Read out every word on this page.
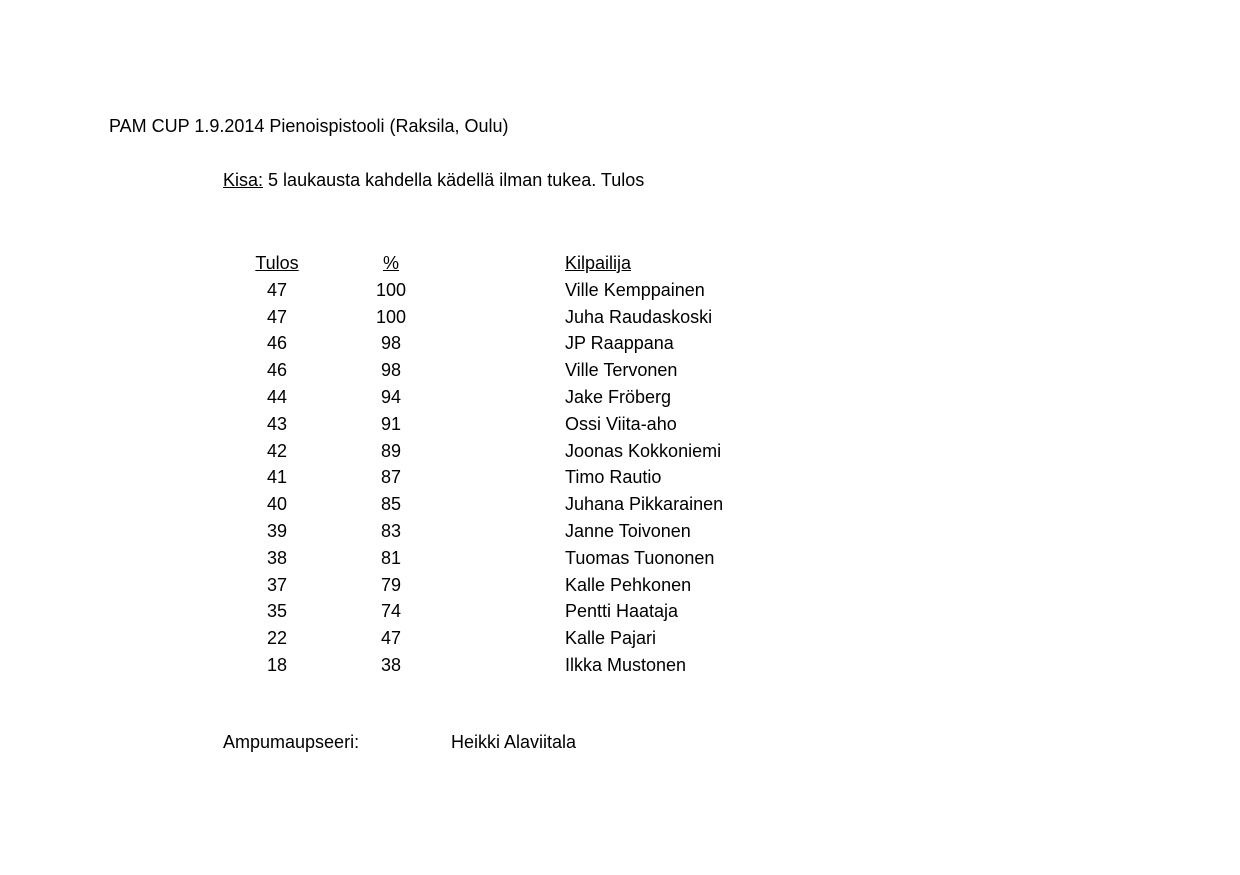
PAM CUP 1.9.2014 Pienoispistooli (Raksila, Oulu)
Kisa: 5 laukausta kahdella kädellä ilman tukea. Tulos
Tulos	%	Kilpailija
47	100	Ville Kemppainen
47	100	Juha Raudaskoski
46	98	JP Raappana
46	98	Ville Tervonen
44	94	Jake Fröberg
43	91	Ossi Viita-aho
42	89	Joonas Kokkoniemi
41	87	Timo Rautio
40	85	Juhana Pikkarainen
39	83	Janne Toivonen
38	81	Tuomas Tuononen
37	79	Kalle Pehkonen
35	74	Pentti Haataja
22	47	Kalle Pajari
18	38	Ilkka Mustonen
Ampumaupseeri:	Heikki Alaviitala
